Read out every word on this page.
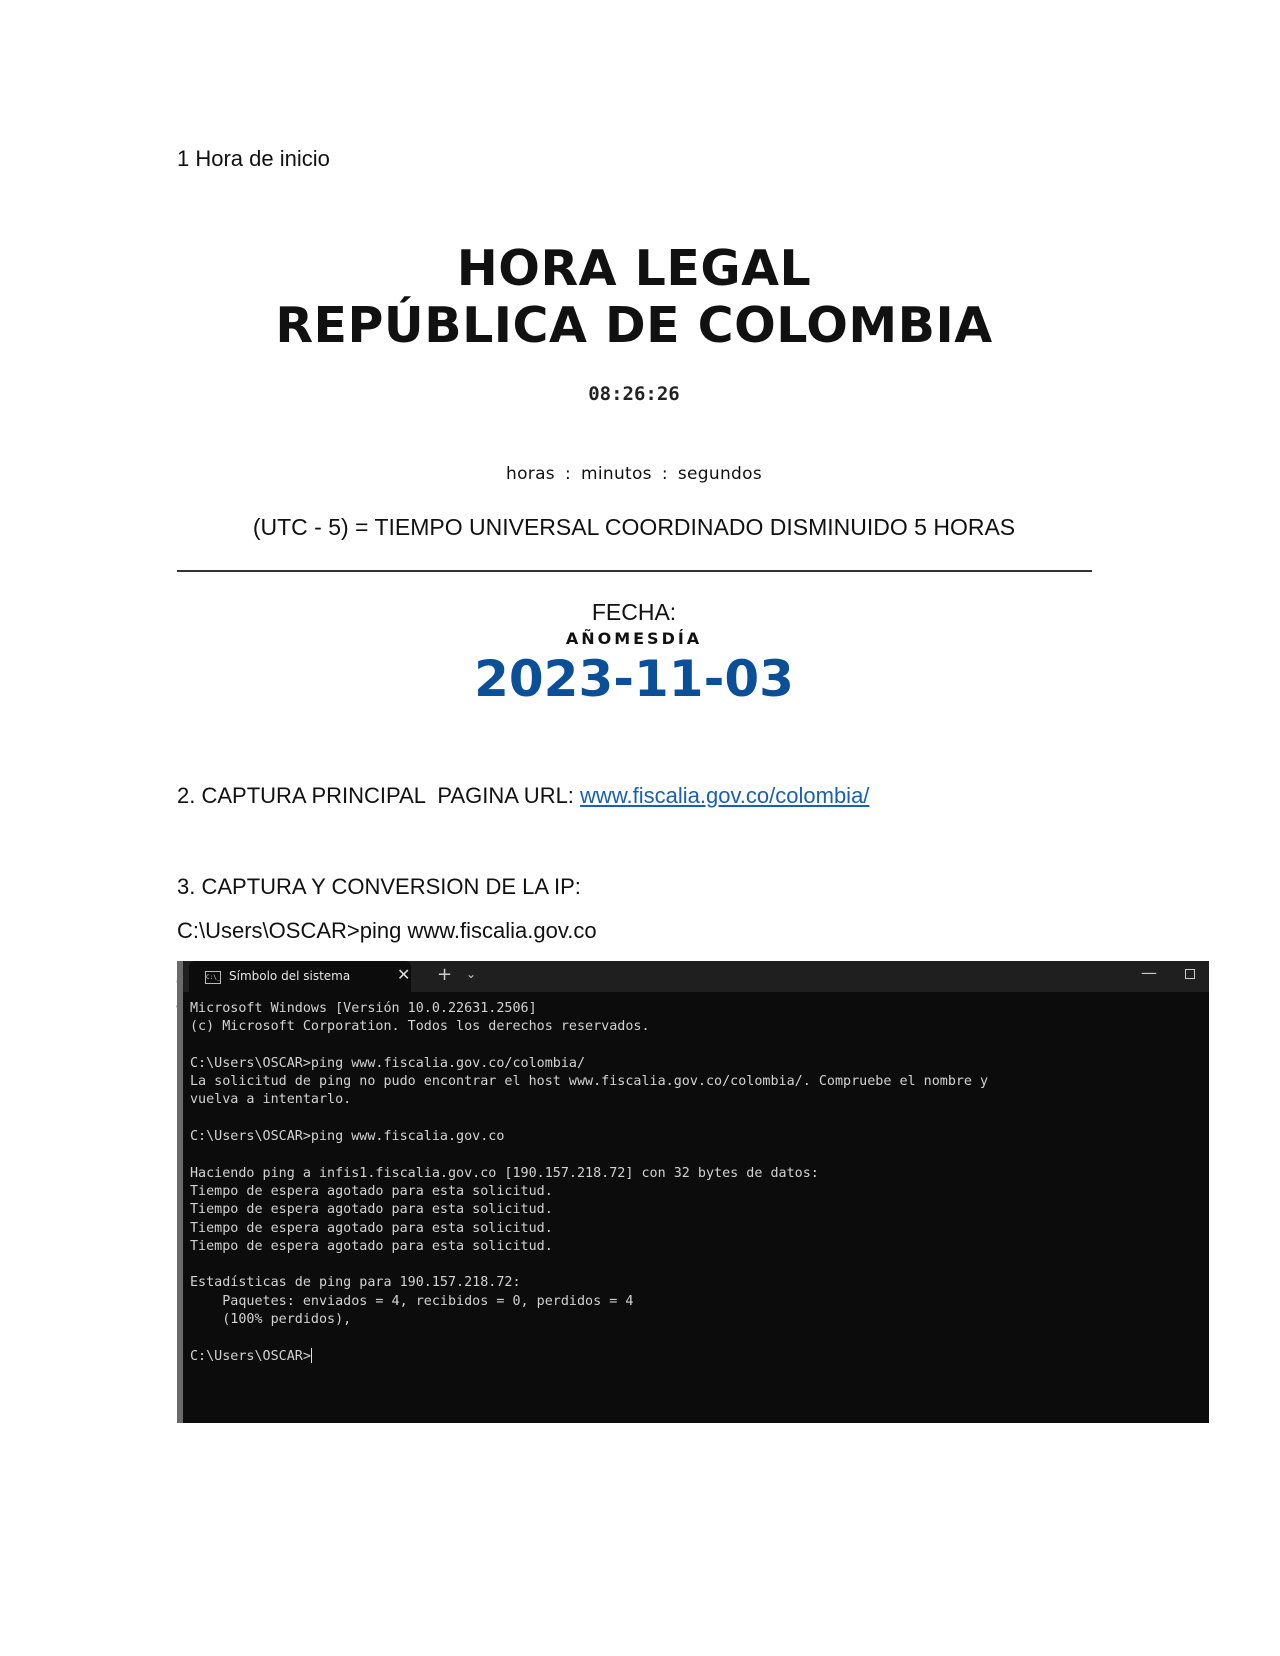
1 Hora de inicio
HORA LEGAL
REPÚBLICA DE COLOMBIA
08:26:26
horas : minutos : segundos
(UTC - 5) = TIEMPO UNIVERSAL COORDINADO DISMINUIDO 5 HORAS
FECHA:
AÑOMESDÍA
2023-11-03
2. CAPTURA PRINCIPAL  PAGINA URL: www.fiscalia.gov.co/colombia/
3. CAPTURA Y CONVERSION DE LA IP:
C:\Users\OSCAR>ping www.fiscalia.gov.co
C:\_ Símbolo del sistema	✕ + ⌄	—
Microsoft Windows [Versión 10.0.22631.2506]
(c) Microsoft Corporation. Todos los derechos reservados.
C:\Users\OSCAR>ping www.fiscalia.gov.co/colombia/
La solicitud de ping no pudo encontrar el host www.fiscalia.gov.co/colombia/. Compruebe el nombre y
vuelva a intentarlo.
C:\Users\OSCAR>ping www.fiscalia.gov.co
Haciendo ping a infis1.fiscalia.gov.co [190.157.218.72] con 32 bytes de datos:
Tiempo de espera agotado para esta solicitud.
Tiempo de espera agotado para esta solicitud.
Tiempo de espera agotado para esta solicitud.
Tiempo de espera agotado para esta solicitud.
Estadísticas de ping para 190.157.218.72:
Paquetes: enviados = 4, recibidos = 0, perdidos = 4
(100% perdidos),
C:\Users\OSCAR>
